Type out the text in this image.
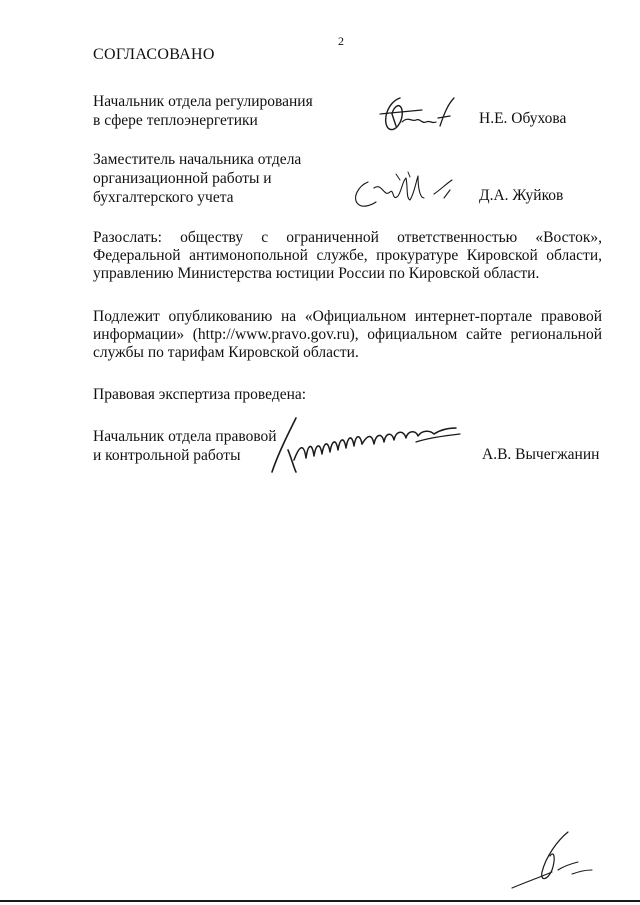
2
СОГЛАСОВАНО
Начальник отдела регулирования
в сфере теплоэнергетики	Н.Е. Обухова
Заместитель начальника отдела
организационной работы и
бухгалтерского учета	Д.А. Жуйков
Разослать: обществу с ограниченной ответственностью «Восток», Федеральной антимонопольной службе, прокуратуре Кировской области, управлению Министерства юстиции России по Кировской области.
Подлежит опубликованию на «Официальном интернет-портале правовой информации» (http://www.pravo.gov.ru), официальном сайте региональной службы по тарифам Кировской области.
Правовая экспертиза проведена:
Начальник отдела правовой
и контрольной работы	А.В. Вычегжанин
